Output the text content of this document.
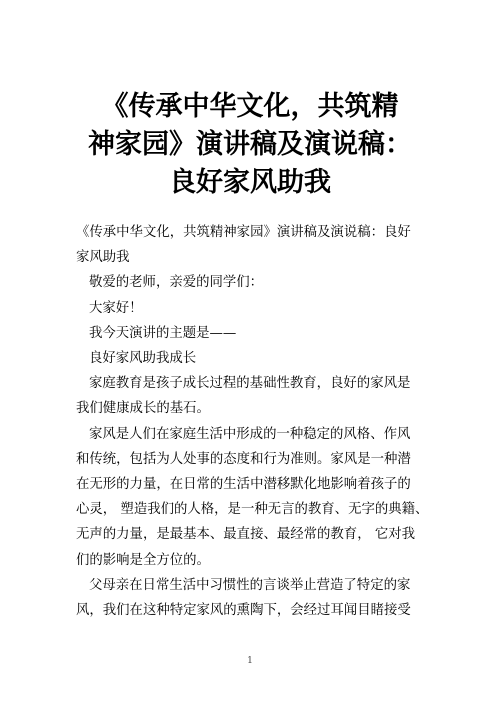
《传承中华文化，共筑精
神家园》演讲稿及演说稿：
良好家风助我

《传承中华文化，共筑精神家园》演讲稿及演说稿：良好
家风助我

敬爱的老师，亲爱的同学们：

大家好！

我今天演讲的主题是——

良好家风助我成长

家庭教育是孩子成长过程的基础性教育，良好的家风是
我们健康成长的基石。

家风是人们在家庭生活中形成的一种稳定的风格、作风
和传统，包括为人处事的态度和行为准则。家风是一种潜
在无形的力量，在日常的生活中潜移默化地影响着孩子的
心灵， 塑造我们的人格，是一种无言的教育、无字的典籍、
无声的力量，是最基本、最直接、最经常的教育， 它对我
们的影响是全方位的。

父母亲在日常生活中习惯性的言谈举止营造了特定的家
风，我们在这种特定家风的熏陶下，会经过耳闻目睹接受

1
